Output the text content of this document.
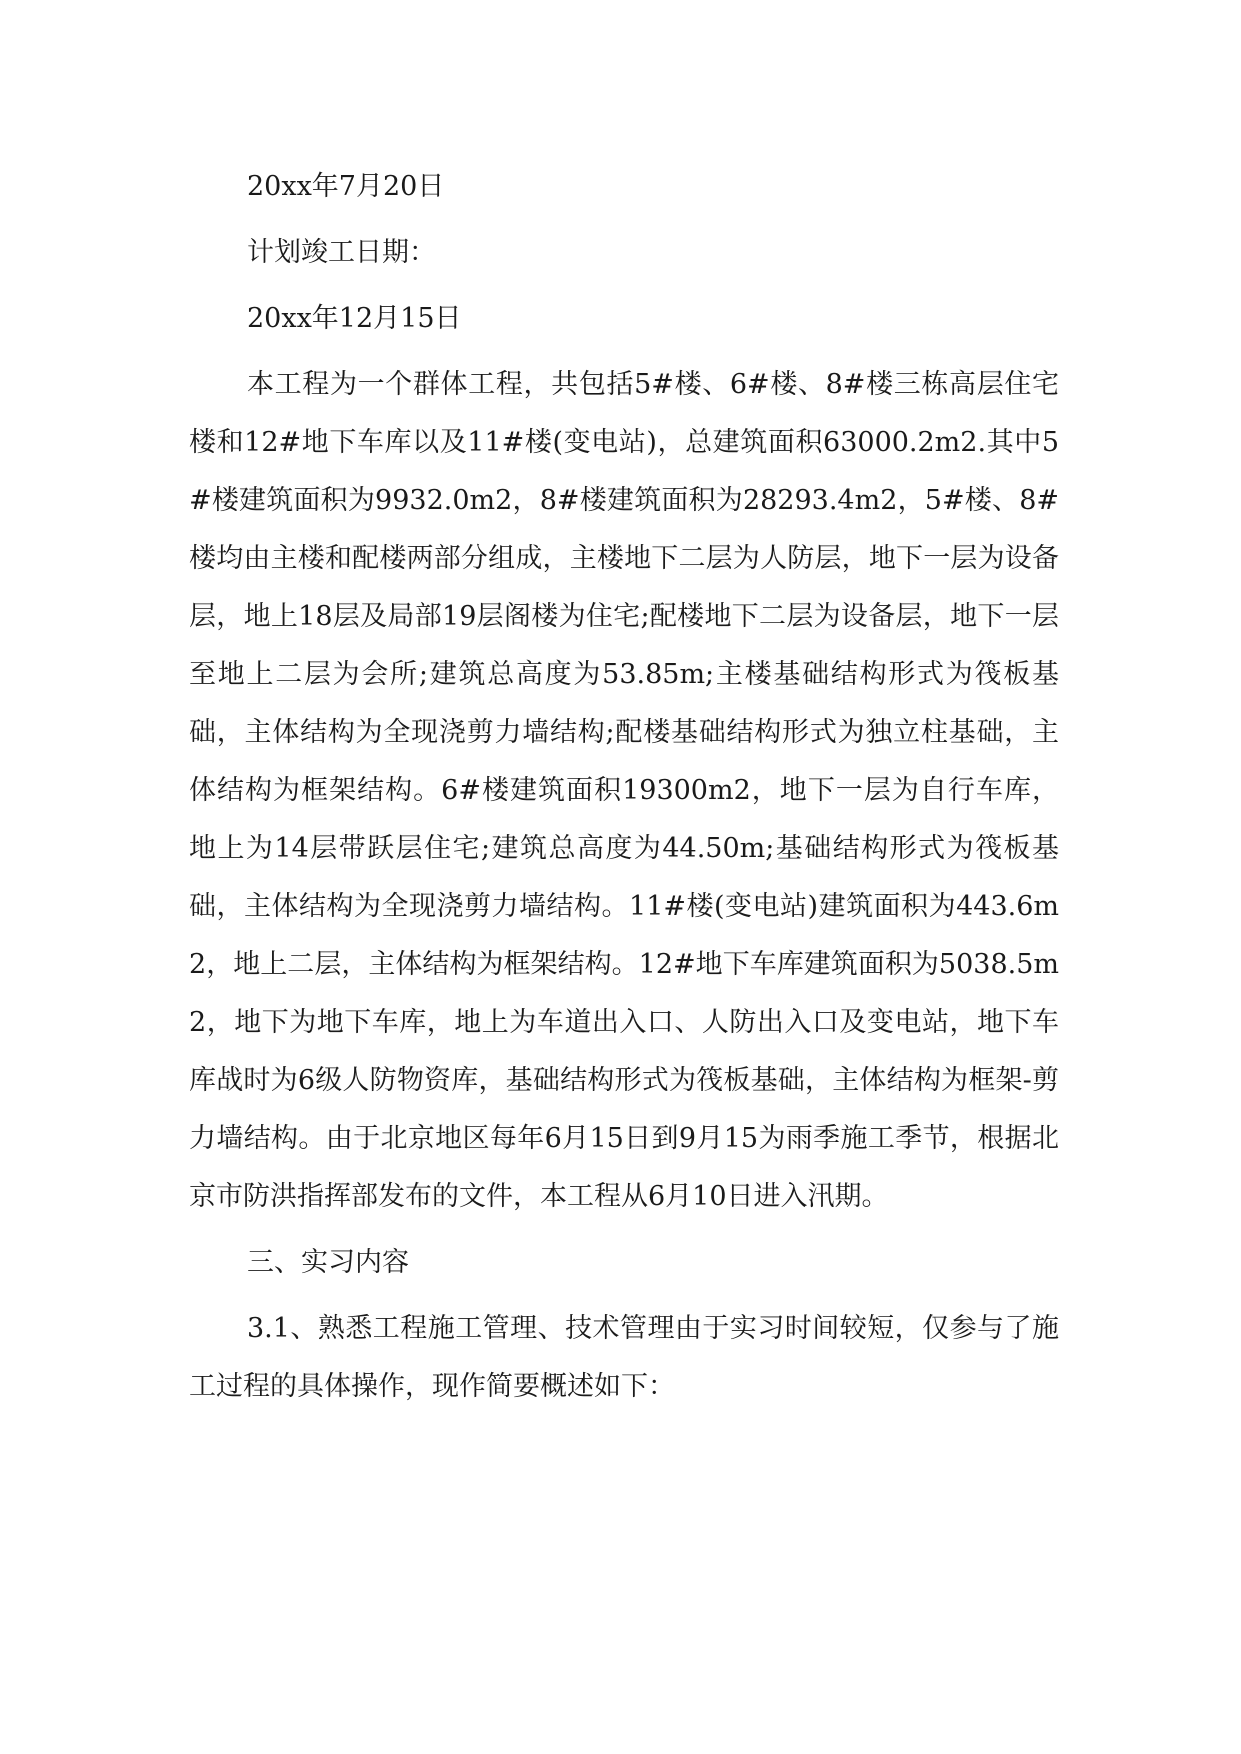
20xx年7月20日

计划竣工日期：

20xx年12月15日

本工程为一个群体工程，共包括5#楼、6#楼、8#楼三栋高层住宅楼和12#地下车库以及11#楼(变电站)，总建筑面积63000.2m2.其中5#楼建筑面积为9932.0m2，8#楼建筑面积为28293.4m2，5#楼、8#楼均由主楼和配楼两部分组成，主楼地下二层为人防层，地下一层为设备层，地上18层及局部19层阁楼为住宅;配楼地下二层为设备层，地下一层至地上二层为会所;建筑总高度为53.85m;主楼基础结构形式为筏板基础，主体结构为全现浇剪力墙结构;配楼基础结构形式为独立柱基础，主体结构为框架结构。6#楼建筑面积19300m2，地下一层为自行车库，地上为14层带跃层住宅;建筑总高度为44.50m;基础结构形式为筏板基础，主体结构为全现浇剪力墙结构。11#楼(变电站)建筑面积为443.6m2，地上二层，主体结构为框架结构。12#地下车库建筑面积为5038.5m2，地下为地下车库，地上为车道出入口、人防出入口及变电站，地下车库战时为6级人防物资库，基础结构形式为筏板基础，主体结构为框架-剪力墙结构。由于北京地区每年6月15日到9月15为雨季施工季节，根据北京市防洪指挥部发布的文件，本工程从6月10日进入汛期。

三、实习内容

3.1、熟悉工程施工管理、技术管理由于实习时间较短，仅参与了施工过程的具体操作，现作简要概述如下：
